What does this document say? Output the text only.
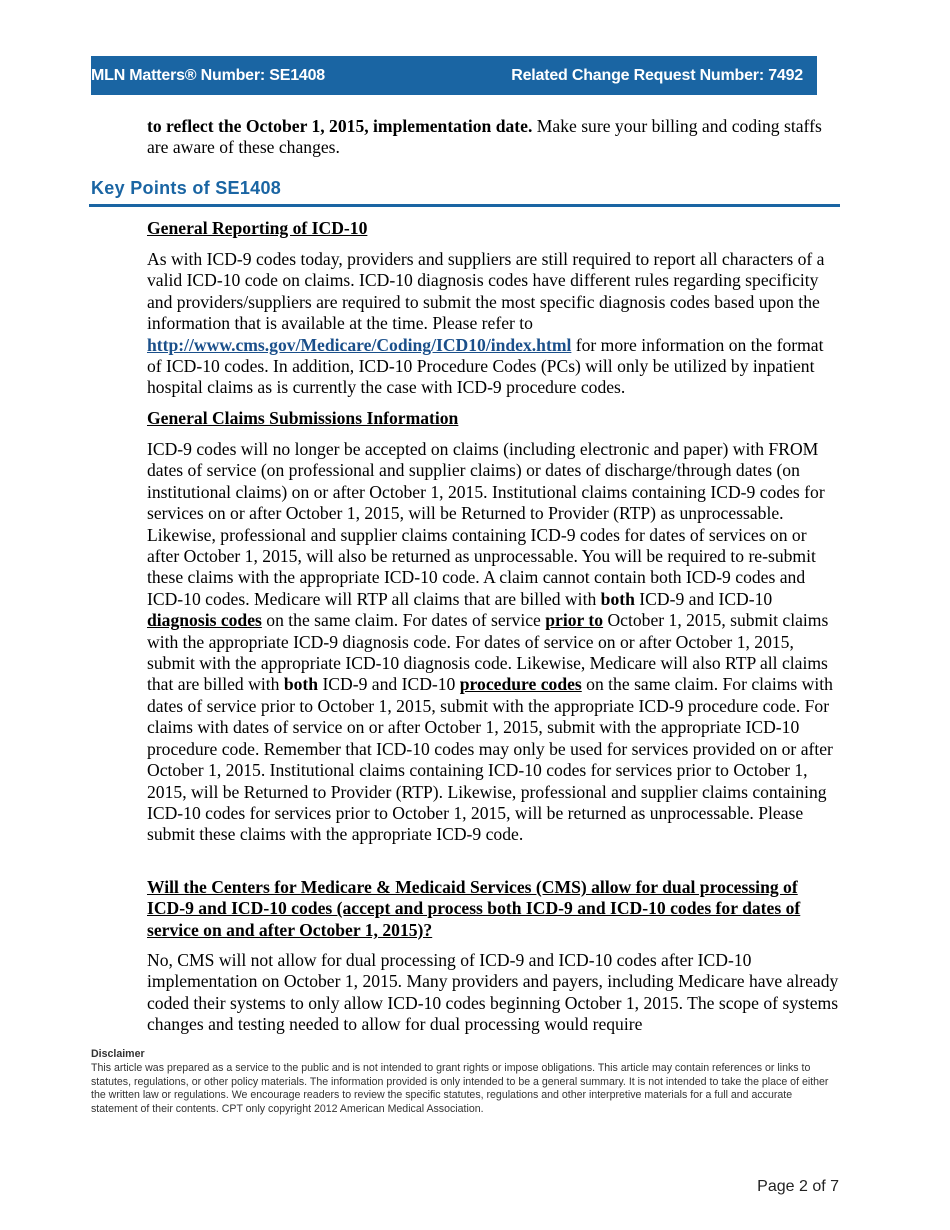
MLN Matters® Number: SE1408	Related Change Request Number: 7492

to reflect the October 1, 2015, implementation date. Make sure your billing and coding staffs are aware of these changes.

Key Points of SE1408
General Reporting of ICD-10

As with ICD-9 codes today, providers and suppliers are still required to report all characters of a valid ICD-10 code on claims. ICD-10 diagnosis codes have different rules regarding specificity and providers/suppliers are required to submit the most specific diagnosis codes based upon the information that is available at the time. Please refer to http://www.cms.gov/Medicare/Coding/ICD10/index.html for more information on the format of ICD-10 codes. In addition, ICD-10 Procedure Codes (PCs) will only be utilized by inpatient hospital claims as is currently the case with ICD-9 procedure codes.

General Claims Submissions Information

ICD-9 codes will no longer be accepted on claims (including electronic and paper) with FROM dates of service (on professional and supplier claims) or dates of discharge/through dates (on institutional claims) on or after October 1, 2015. Institutional claims containing ICD-9 codes for services on or after October 1, 2015, will be Returned to Provider (RTP) as unprocessable. Likewise, professional and supplier claims containing ICD-9 codes for dates of services on or after October 1, 2015, will also be returned as unprocessable. You will be required to re-submit these claims with the appropriate ICD-10 code. A claim cannot contain both ICD-9 codes and ICD-10 codes. Medicare will RTP all claims that are billed with both ICD-9 and ICD-10 diagnosis codes on the same claim. For dates of service prior to October 1, 2015, submit claims with the appropriate ICD-9 diagnosis code. For dates of service on or after October 1, 2015, submit with the appropriate ICD-10 diagnosis code. Likewise, Medicare will also RTP all claims that are billed with both ICD-9 and ICD-10 procedure codes on the same claim. For claims with dates of service prior to October 1, 2015, submit with the appropriate ICD-9 procedure code. For claims with dates of service on or after October 1, 2015, submit with the appropriate ICD-10 procedure code. Remember that ICD-10 codes may only be used for services provided on or after October 1, 2015. Institutional claims containing ICD-10 codes for services prior to October 1, 2015, will be Returned to Provider (RTP). Likewise, professional and supplier claims containing ICD-10 codes for services prior to October 1, 2015, will be returned as unprocessable. Please submit these claims with the appropriate ICD-9 code.

Will the Centers for Medicare & Medicaid Services (CMS) allow for dual processing of ICD-9 and ICD-10 codes (accept and process both ICD-9 and ICD-10 codes for dates of service on and after October 1, 2015)?

No, CMS will not allow for dual processing of ICD-9 and ICD-10 codes after ICD-10 implementation on October 1, 2015. Many providers and payers, including Medicare have already coded their systems to only allow ICD-10 codes beginning October 1, 2015. The scope of systems changes and testing needed to allow for dual processing would require

Disclaimer
This article was prepared as a service to the public and is not intended to grant rights or impose obligations. This article may contain references or links to statutes, regulations, or other policy materials. The information provided is only intended to be a general summary. It is not intended to take the place of either the written law or regulations. We encourage readers to review the specific statutes, regulations and other interpretive materials for a full and accurate statement of their contents. CPT only copyright 2012 American Medical Association.
Page 2 of 7
